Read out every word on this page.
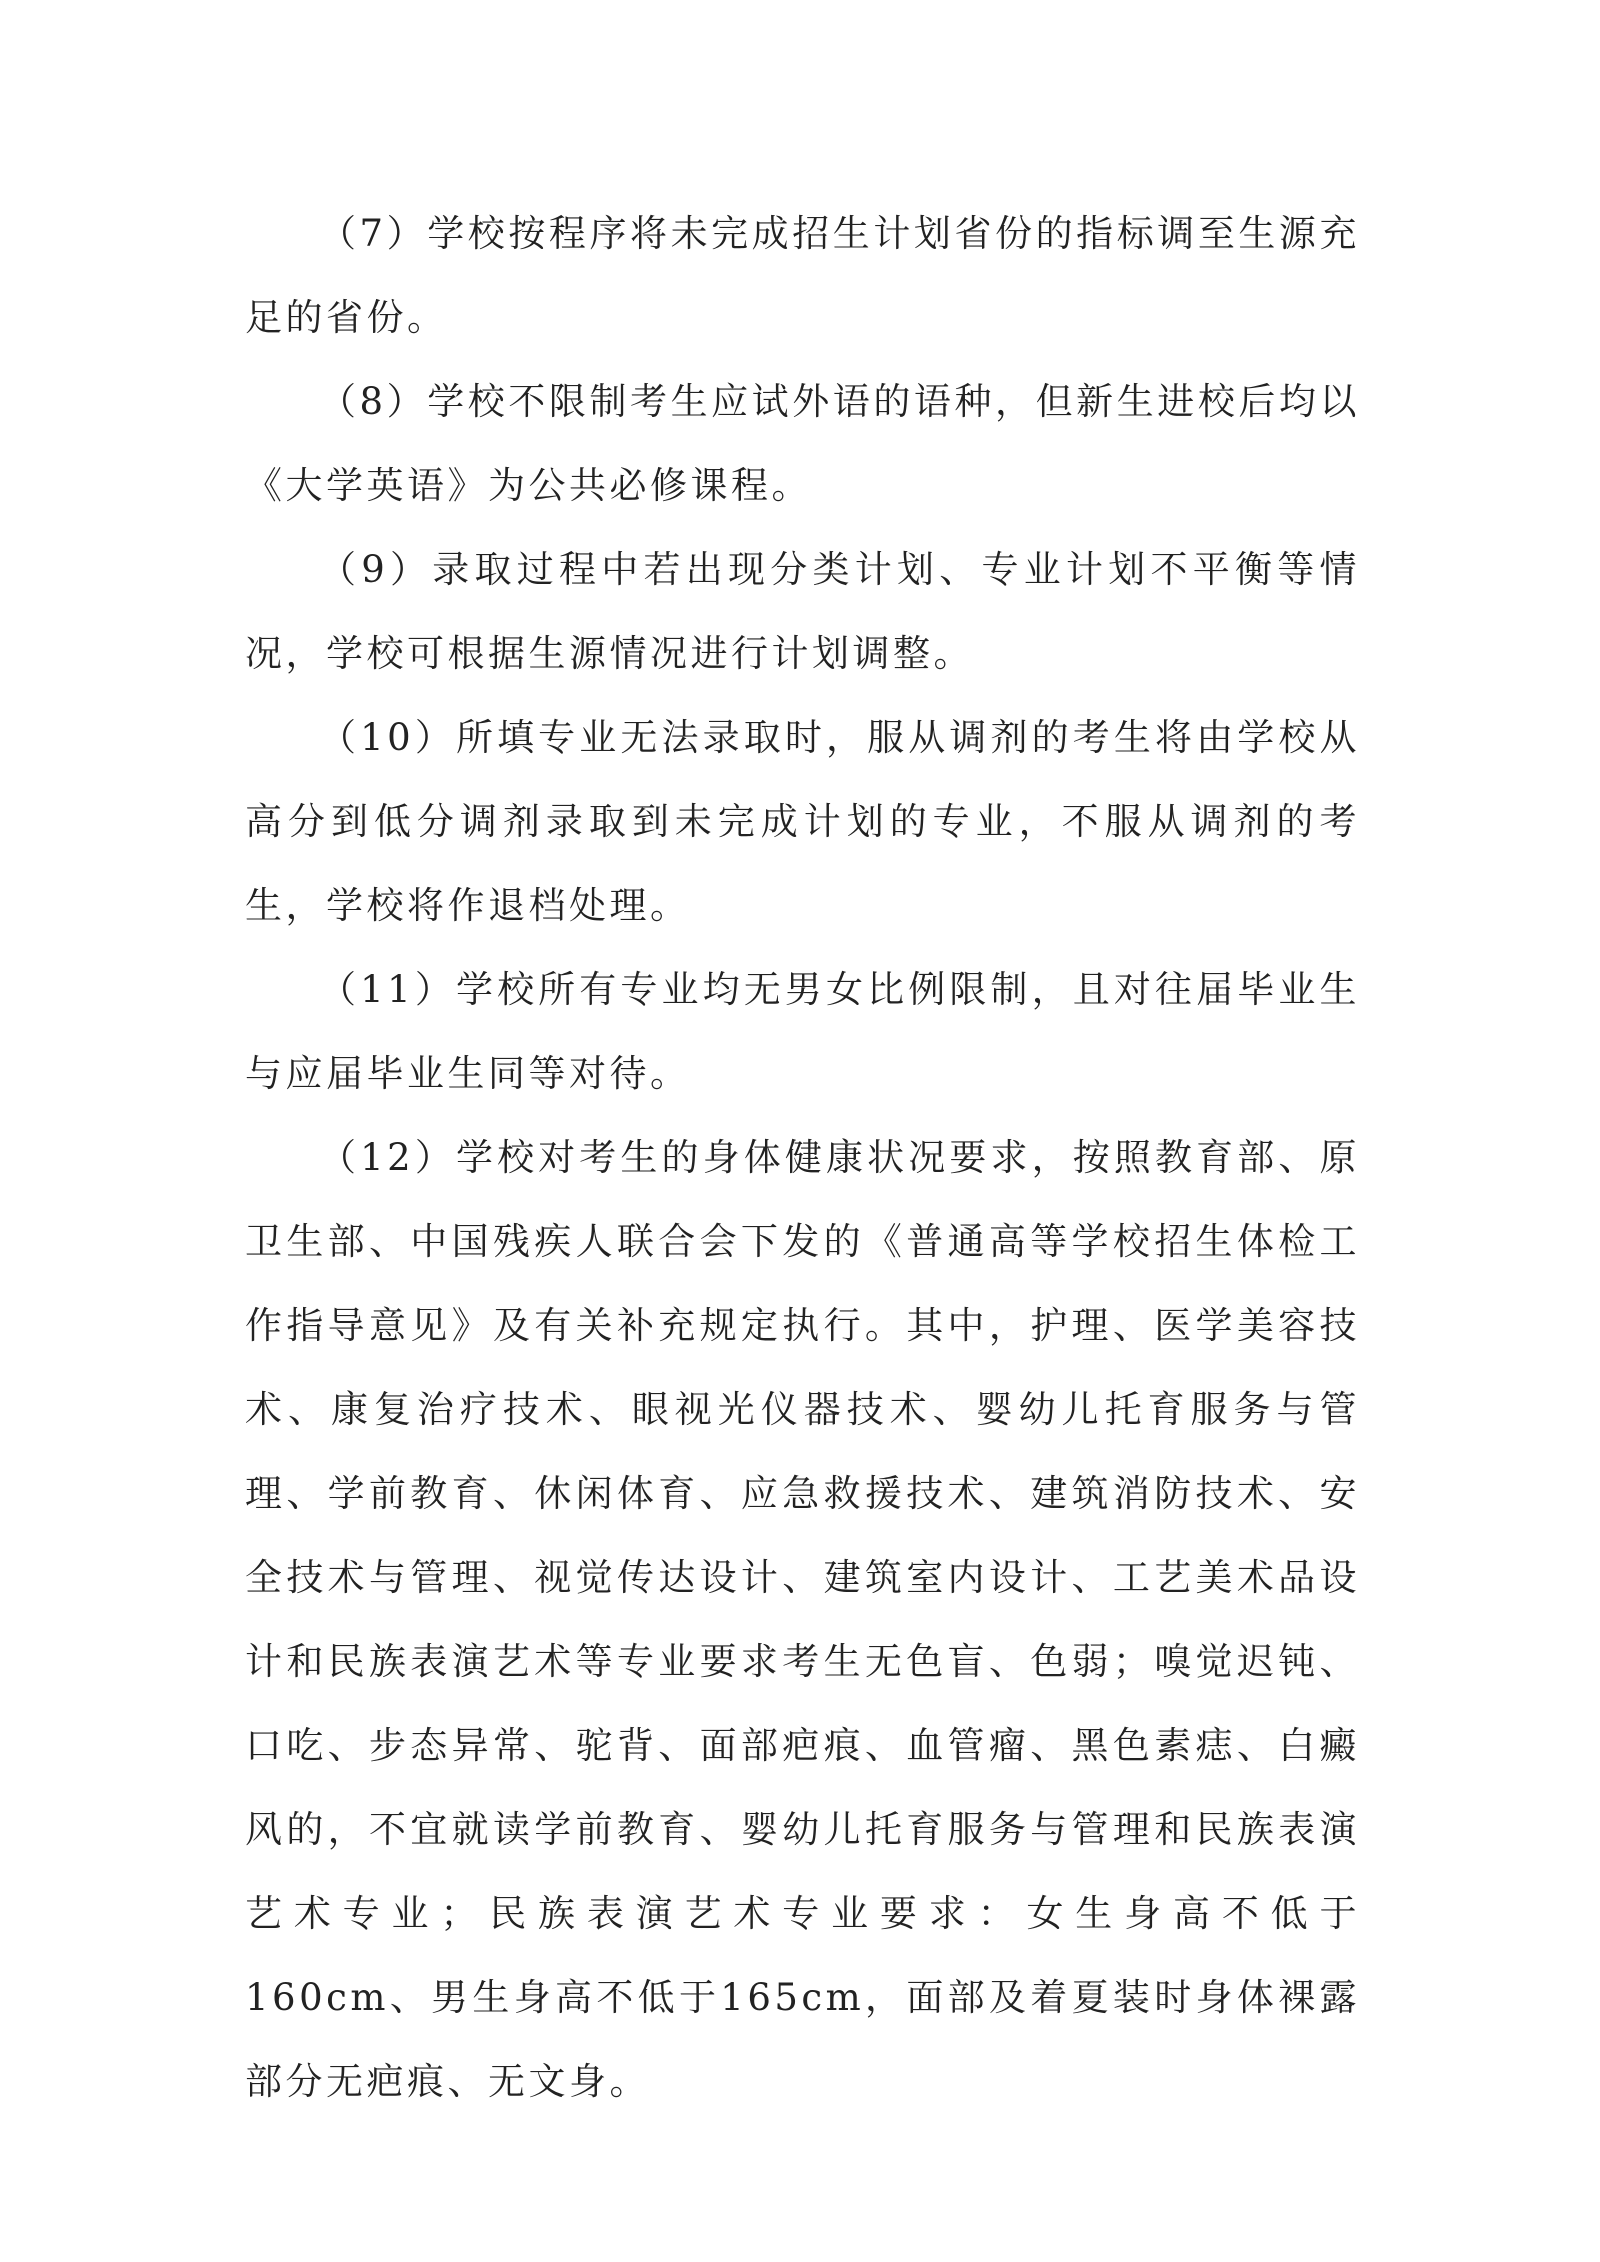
（7）学校按程序将未完成招生计划省份的指标调至生源充足的省份。

（8）学校不限制考生应试外语的语种，但新生进校后均以《大学英语》为公共必修课程。

（9）录取过程中若出现分类计划、专业计划不平衡等情况，学校可根据生源情况进行计划调整。

（10）所填专业无法录取时，服从调剂的考生将由学校从高分到低分调剂录取到未完成计划的专业，不服从调剂的考生，学校将作退档处理。

（11）学校所有专业均无男女比例限制，且对往届毕业生与应届毕业生同等对待。

（12）学校对考生的身体健康状况要求，按照教育部、原卫生部、中国残疾人联合会下发的《普通高等学校招生体检工作指导意见》及有关补充规定执行。其中，护理、医学美容技术、康复治疗技术、眼视光仪器技术、婴幼儿托育服务与管理、学前教育、休闲体育、应急救援技术、建筑消防技术、安全技术与管理、视觉传达设计、建筑室内设计、工艺美术品设计和民族表演艺术等专业要求考生无色盲、色弱；嗅觉迟钝、口吃、步态异常、驼背、面部疤痕、血管瘤、黑色素痣、白癜风的，不宜就读学前教育、婴幼儿托育服务与管理和民族表演艺术专业；民族表演艺术专业要求：女生身高不低于160cm、男生身高不低于165cm，面部及着夏装时身体裸露部分无疤痕、无文身。
